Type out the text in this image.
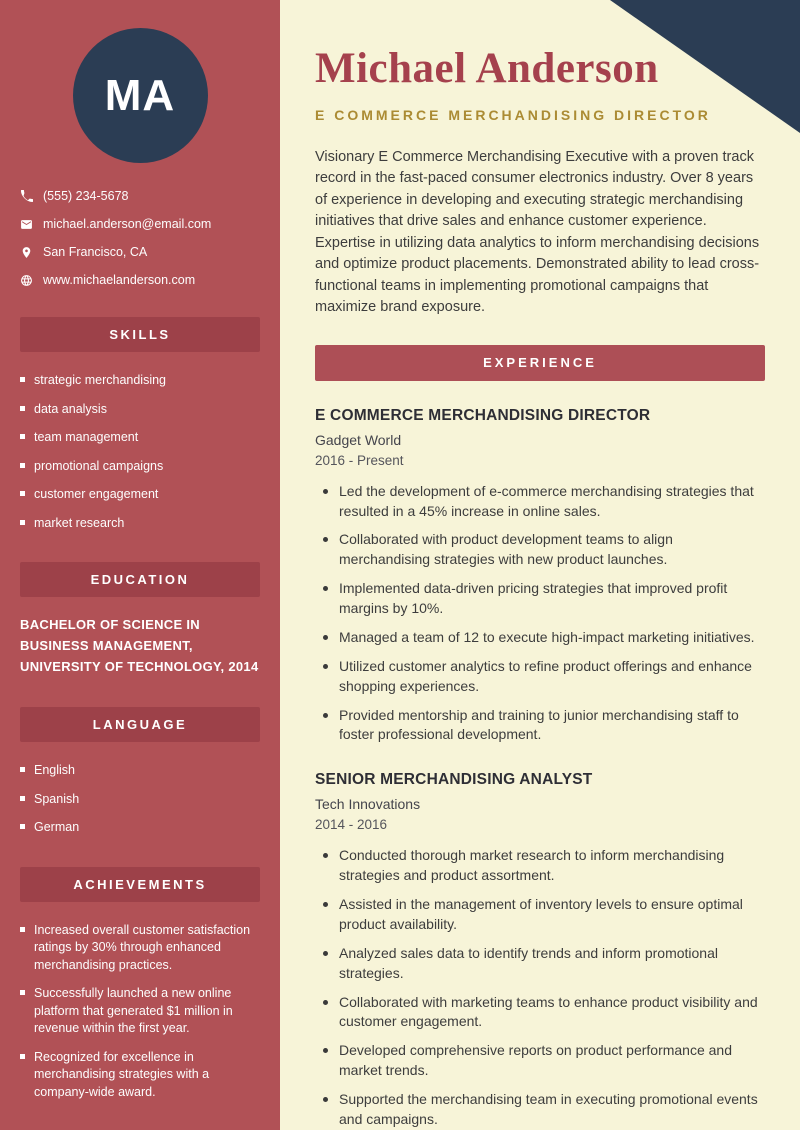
MA
(555) 234-5678
michael.anderson@email.com
San Francisco, CA
www.michaelanderson.com
SKILLS
strategic merchandising
data analysis
team management
promotional campaigns
customer engagement
market research
EDUCATION
BACHELOR OF SCIENCE IN BUSINESS MANAGEMENT, UNIVERSITY OF TECHNOLOGY, 2014
LANGUAGE
English
Spanish
German
ACHIEVEMENTS
Increased overall customer satisfaction ratings by 30% through enhanced merchandising practices.
Successfully launched a new online platform that generated $1 million in revenue within the first year.
Recognized for excellence in merchandising strategies with a company-wide award.
Michael Anderson
E COMMERCE MERCHANDISING DIRECTOR

Visionary E Commerce Merchandising Executive with a proven track record in the fast-paced consumer electronics industry. Over 8 years of experience in developing and executing strategic merchandising initiatives that drive sales and enhance customer experience. Expertise in utilizing data analytics to inform merchandising decisions and optimize product placements. Demonstrated ability to lead cross-functional teams in implementing promotional campaigns that maximize brand exposure.

EXPERIENCE
E COMMERCE MERCHANDISING DIRECTOR
Gadget World
2016 - Present
Led the development of e-commerce merchandising strategies that resulted in a 45% increase in online sales.
Collaborated with product development teams to align merchandising strategies with new product launches.
Implemented data-driven pricing strategies that improved profit margins by 10%.
Managed a team of 12 to execute high-impact marketing initiatives.
Utilized customer analytics to refine product offerings and enhance shopping experiences.
Provided mentorship and training to junior merchandising staff to foster professional development.
SENIOR MERCHANDISING ANALYST
Tech Innovations
2014 - 2016
Conducted thorough market research to inform merchandising strategies and product assortment.
Assisted in the management of inventory levels to ensure optimal product availability.
Analyzed sales data to identify trends and inform promotional strategies.
Collaborated with marketing teams to enhance product visibility and customer engagement.
Developed comprehensive reports on product performance and market trends.
Supported the merchandising team in executing promotional events and campaigns.
